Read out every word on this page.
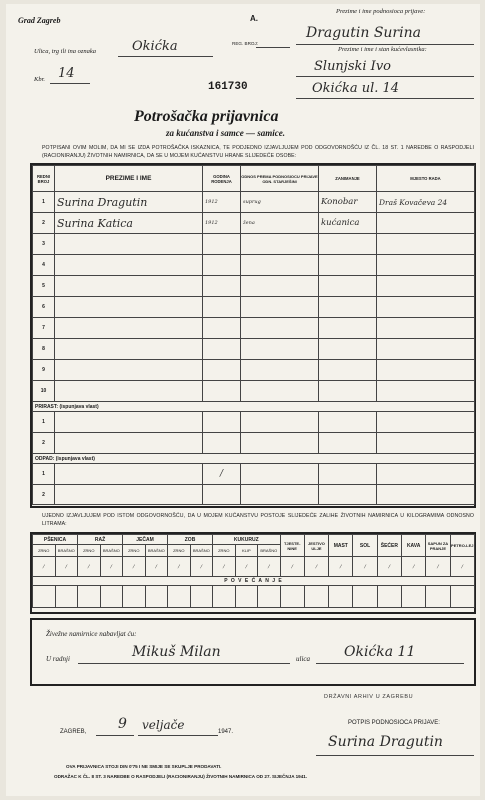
Grad Zagreb	A.
REG. BROJ:
Ulica, trg ili ina oznaka	Okićka
Kbr. 14
161730
Prezime i ime podnosioca prijave:
Dragutin Surina
Prezime i ime i stan kućevlasnika:
Slunjski Ivo
Okićka ul. 14
Potrošačka prijavnica
za kućanstva i samce — samice.
POTPISANI OVIM MOLIM, DA MI SE IZDA POTROŠAČKA ISKAZNICA, TE PODJEDNO IZJAVLJUJEM POD ODGOVORNOŠĆU IZ ČL. 18 ST. 1 NAREDBE O RASPODJELI (RACIONIRANJU) ŽIVOTNIH NAMIRNICA, DA SE U MOJEM KUĆANSTVU HRANE SLIJEDEĆE OSOBE:
REDNI BROJ	PREZIME I IME	GODINA RODENJA	ODNOS PREMA PODNOSIOCU PRIJAVE ODN. STARJEŠINI	ZANIMANJE	MJESTO RADA
1	Surina Dragutin	1912	suprug	Konobar	Draš Kovačeva 24
2	Surina Katica	1912	žena	kućanica	
3					
4					
5					
6					
7					
8					
9					
10					
PRIRAST: (ispunjava vlast)					
1					
2					
ODPAD: (ispunjava vlast)					
1		/			
2					
UJEDNO IZJAVLJUJEM POD ISTOM ODGOVORNOŠĆU, DA U MOJEM KUĆANSTVU POSTOJE SLIJEDEĆE ZALIHE ŽIVOTNIH NAMIRNICA U KILOGRAMIMA ODNOSNO LITRAMA:
PŠENICA		RAŽ		JEČAM		ZOB		KUKURUZ			TJESTE-NINE	JESTIVO ULJE	MAST	SOL	ŠEĆER	KAVA	SAPUN ZA PRANJE	PETRO-LEJ
ZRNO	BRAŠNO	ZRNO	BRAŠNO	ZRNO	BRAŠNO	ZRNO	BRAŠNO	ZRNO	KLIP	BRAŠNO								
/	/	/	/	/	/	/	/	/	/	/	/	/	/	/	/	/	/	/
P O V E Ć A N J E																		

Živežne namirnice nabavljat ću:
U radnji	Mikuš Milan	ulica Okićka 11
DRŽAVNI ARHIV U ZAGREBU
ZAGREB, 9 veljače	1947.
POTPIS PODNOSIOCA PRIJAVE:
Surina Dragutin
OVA PRIJAVNICA STOJI DIN 0'75 I NE SMIJE SE SKUPLJE PRODAVATI.
ODRAŽAC K ČL. 8 ST. 3 NAREDBE O RASPODJELI (RACIONIRANJU) ŽIVOTNIH NAMIRNICA OD 27. SIJEČNJA 1941.
